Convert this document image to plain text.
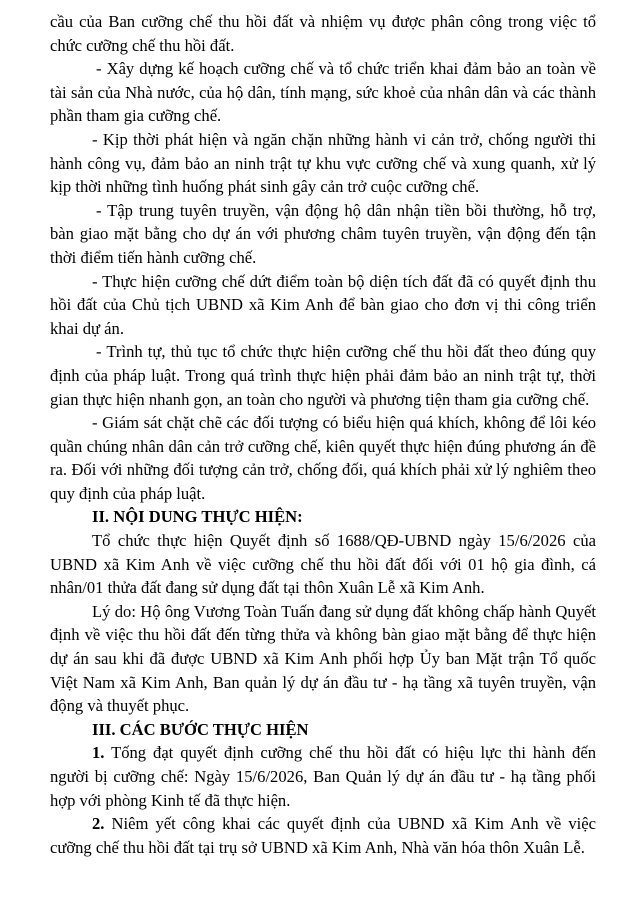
cầu của Ban cưỡng chế thu hồi đất và nhiệm vụ được phân công trong việc tổ chức cưỡng chế thu hồi đất.

- Xây dựng kế hoạch cưỡng chế và tổ chức triển khai đảm bảo an toàn về tài sản của Nhà nước, của hộ dân, tính mạng, sức khoẻ của nhân dân và các thành phần tham gia cưỡng chế.

- Kịp thời phát hiện và ngăn chặn những hành vi cản trở, chống người thi hành công vụ, đảm bảo an ninh trật tự khu vực cưỡng chế và xung quanh, xử lý kịp thời những tình huống phát sinh gây cản trở cuộc cưỡng chế.

- Tập trung tuyên truyền, vận động hộ dân nhận tiền bồi thường, hỗ trợ, bàn giao mặt bằng cho dự án với phương châm tuyên truyền, vận động đến tận thời điểm tiến hành cưỡng chế.

- Thực hiện cưỡng chế dứt điểm toàn bộ diện tích đất đã có quyết định thu hồi đất của Chủ tịch UBND xã Kim Anh để bàn giao cho đơn vị thi công triển khai dự án.

- Trình tự, thủ tục tổ chức thực hiện cưỡng chế thu hồi đất theo đúng quy định của pháp luật. Trong quá trình thực hiện phải đảm bảo an ninh trật tự, thời gian thực hiện nhanh gọn, an toàn cho người và phương tiện tham gia cưỡng chế.

- Giám sát chặt chẽ các đối tượng có biểu hiện quá khích, không để lôi kéo quần chúng nhân dân cản trở cưỡng chế, kiên quyết thực hiện đúng phương án đề ra. Đối với những đối tượng cản trở, chống đối, quá khích phải xử lý nghiêm theo quy định của pháp luật.

II. NỘI DUNG THỰC HIỆN:

Tổ chức thực hiện Quyết định số 1688/QĐ-UBND ngày 15/6/2026 của UBND xã Kim Anh về việc cưỡng chế thu hồi đất đối với 01 hộ gia đình, cá nhân/01 thửa đất đang sử dụng đất tại thôn Xuân Lễ xã Kim Anh.

Lý do: Hộ ông Vương Toàn Tuấn đang sử dụng đất không chấp hành Quyết định về việc thu hồi đất đến từng thửa và không bàn giao mặt bằng để thực hiện dự án sau khi đã được UBND xã Kim Anh phối hợp Ủy ban Mặt trận Tổ quốc Việt Nam xã Kim Anh, Ban quản lý dự án đầu tư - hạ tầng xã tuyên truyền, vận động và thuyết phục.

III. CÁC BƯỚC THỰC HIỆN

1. Tống đạt quyết định cưỡng chế thu hồi đất có hiệu lực thi hành đến người bị cưỡng chế: Ngày 15/6/2026, Ban Quản lý dự án đầu tư - hạ tầng phối hợp với phòng Kinh tế đã thực hiện.

2. Niêm yết công khai các quyết định của UBND xã Kim Anh về việc cưỡng chế thu hồi đất tại trụ sở UBND xã Kim Anh, Nhà văn hóa thôn Xuân Lễ.
